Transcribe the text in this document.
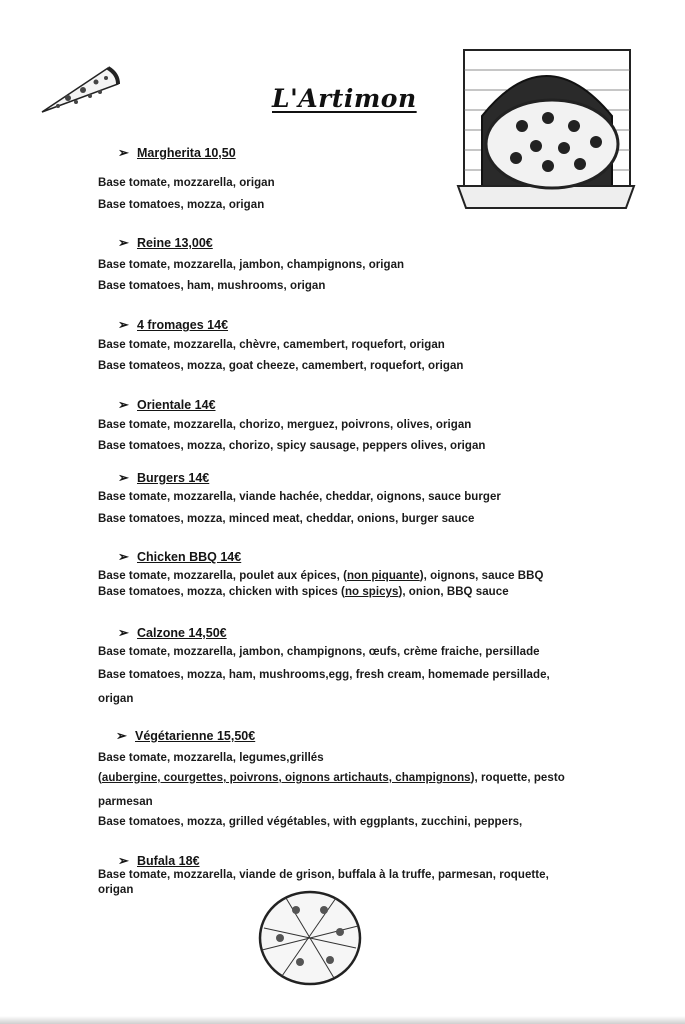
L'Artimon
➢ Margherita 10,50
Base tomate, mozzarella, origan
Base tomatoes, mozza, origan
➢ Reine 13,00€
Base tomate, mozzarella, jambon, champignons, origan
Base tomatoes, ham, mushrooms, origan
➢ 4 fromages 14€
Base tomate, mozzarella, chèvre, camembert, roquefort, origan
Base tomateos, mozza, goat cheeze, camembert, roquefort, origan
➢ Orientale 14€
Base tomate, mozzarella, chorizo, merguez, poivrons, olives, origan
Base tomatoes, mozza, chorizo, spicy sausage, peppers olives, origan
➢ Burgers 14€
Base tomate, mozzarella, viande hachée, cheddar, oignons, sauce burger
Base tomatoes, mozza, minced meat, cheddar, onions, burger sauce
➢ Chicken BBQ 14€
Base tomate, mozzarella, poulet aux épices, (non piquante), oignons, sauce BBQ
Base tomatoes, mozza, chicken with spices (no spicys), onion, BBQ sauce
➢ Calzone 14,50€
Base tomate, mozzarella, jambon, champignons, œufs, crème fraiche, persillade
Base tomatoes, mozza, ham, mushrooms,egg, fresh cream, homemade persillade,
origan
➢ Végétarienne 15,50€
Base tomate, mozzarella, legumes,grillés
(aubergine, courgettes, poivrons, oignons artichauts, champignons), roquette, pesto
parmesan
Base tomatoes, mozza, grilled végétables, with eggplants, zucchini, peppers,
➢ Bufala 18€
Base tomate, mozzarella, viande de grison, buffala à la truffe, parmesan, roquette,
origan
